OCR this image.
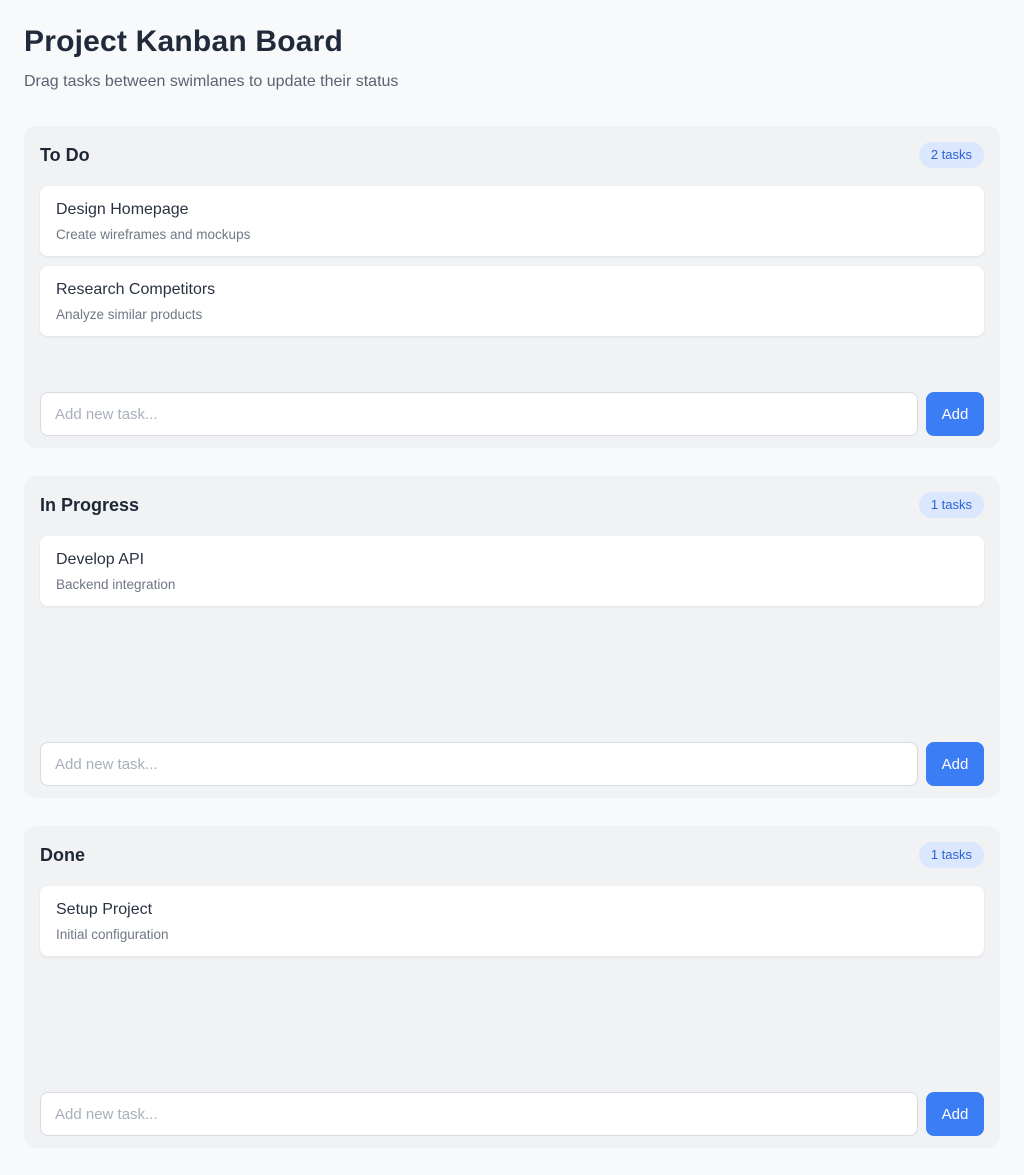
Project Kanban Board

Drag tasks between swimlanes to update their status

To Do	2 tasks
Design Homepage
Create wireframes and mockups
Research Competitors
Analyze similar products
Add new task...
Add
In Progress	1 tasks
Develop API
Backend integration
Add new task...
Add
Done	1 tasks
Setup Project
Initial configuration
Add new task...
Add
